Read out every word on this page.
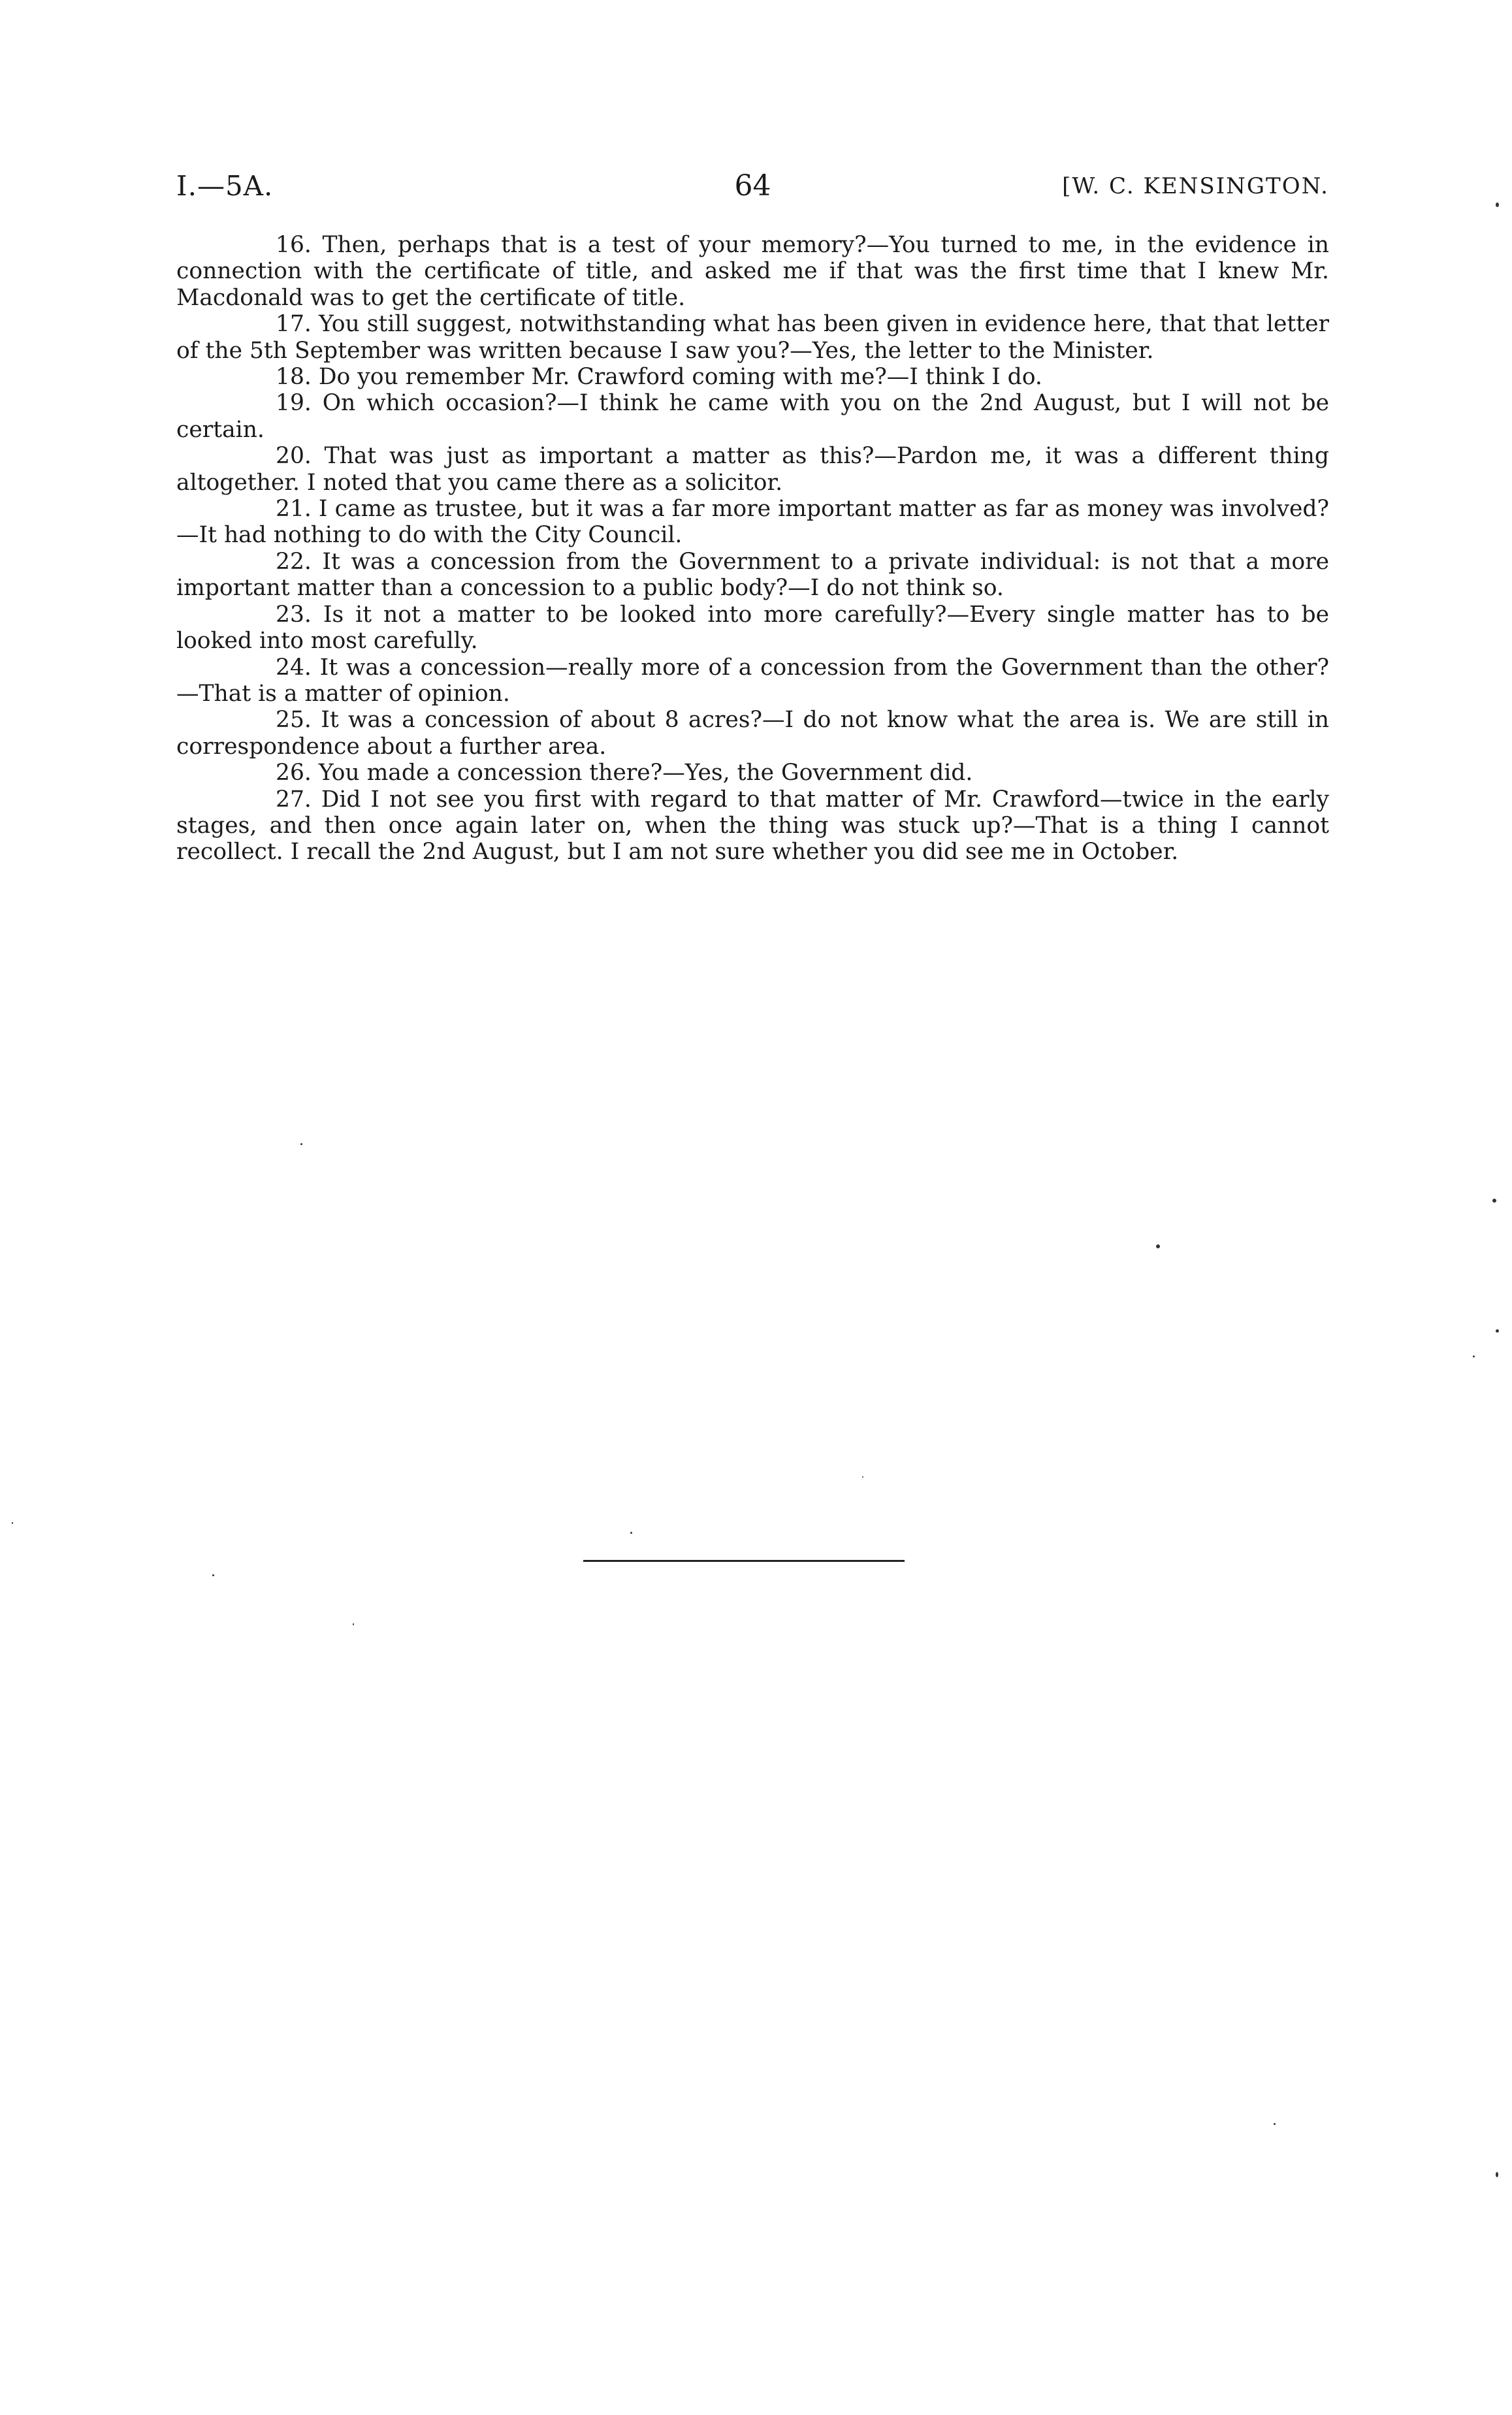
I.—5A.	64	[W. C. KENSINGTON.

16. Then, perhaps that is a test of your memory?—You turned to me, in the evidence in connection with the certificate of title, and asked me if that was the first time that I knew Mr. Macdonald was to get the certificate of title.

17. You still suggest, notwithstanding what has been given in evidence here, that that letter of the 5th September was written because I saw you?—Yes, the letter to the Minister.

18. Do you remember Mr. Crawford coming with me?—I think I do.

19. On which occasion?—I think he came with you on the 2nd August, but I will not be certain.

20. That was just as important a matter as this?—Pardon me, it was a different thing altogether. I noted that you came there as a solicitor.

21. I came as trustee, but it was a far more important matter as far as money was involved?—It had nothing to do with the City Council.

22. It was a concession from the Government to a private individual: is not that a more important matter than a concession to a public body?—I do not think so.

23. Is it not a matter to be looked into more carefully?—Every single matter has to be looked into most carefully.

24. It was a concession—really more of a concession from the Government than the other?—That is a matter of opinion.

25. It was a concession of about 8 acres?—I do not know what the area is. We are still in correspondence about a further area.

26. You made a concession there?—Yes, the Government did.

27. Did I not see you first with regard to that matter of Mr. Crawford—twice in the early stages, and then once again later on, when the thing was stuck up?—That is a thing I cannot recollect. I recall the 2nd August, but I am not sure whether you did see me in October.
